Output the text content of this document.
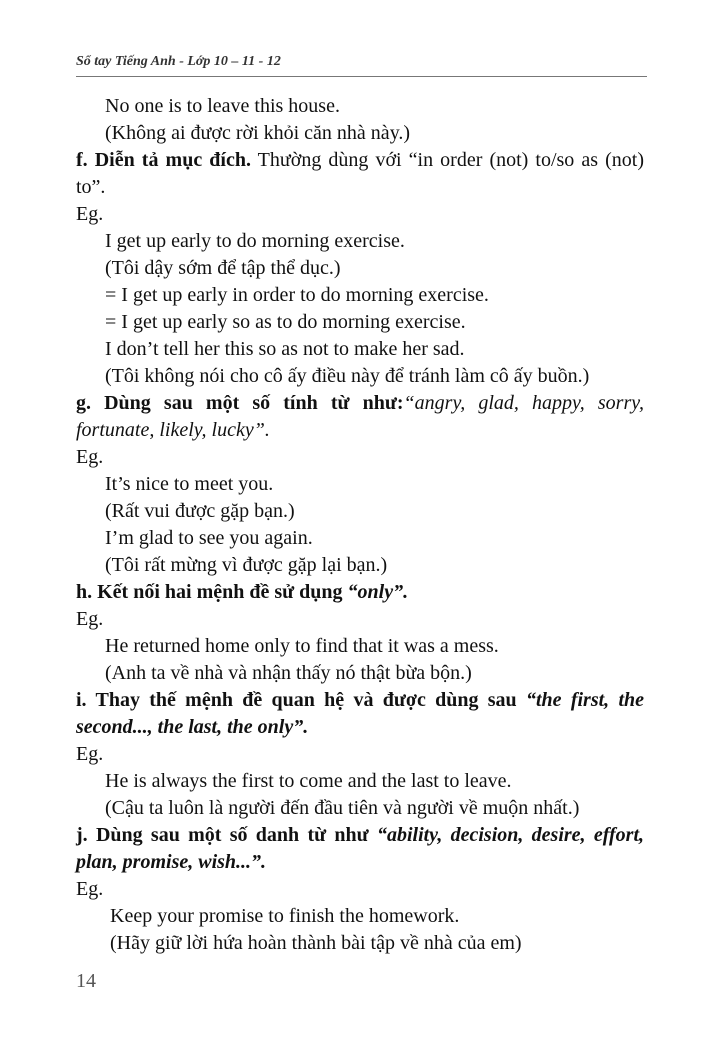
Sổ tay Tiếng Anh - Lớp 10 – 11 - 12
No one is to leave this house.
(Không ai được rời khỏi căn nhà này.)
f. Diễn tả mục đích. Thường dùng với “in order (not) to/so as (not) to”.
Eg.
I get up early to do morning exercise.
(Tôi dậy sớm để tập thể dục.)
= I get up early in order to do morning exercise.
= I get up early so as to do morning exercise.
I don’t tell her this so as not to make her sad.
(Tôi không nói cho cô ấy điều này để tránh làm cô ấy buồn.)
g. Dùng sau một số tính từ như:“angry, glad, happy, sorry, fortunate, likely, lucky”.
Eg.
It’s nice to meet you.
(Rất vui được gặp bạn.)
I’m glad to see you again.
(Tôi rất mừng vì được gặp lại bạn.)
h. Kết nối hai mệnh đề sử dụng “only”.
Eg.
He returned home only to find that it was a mess.
(Anh ta về nhà và nhận thấy nó thật bừa bộn.)
i. Thay thế mệnh đề quan hệ và được dùng sau “the first, the second..., the last, the only”.
Eg.
He is always the first to come and the last to leave.
(Cậu ta luôn là người đến đầu tiên và người về muộn nhất.)
j. Dùng sau một số danh từ như “ability, decision, desire, effort, plan, promise, wish...”.
Eg.
Keep your promise to finish the homework.
(Hãy giữ lời hứa hoàn thành bài tập về nhà của em)
14
